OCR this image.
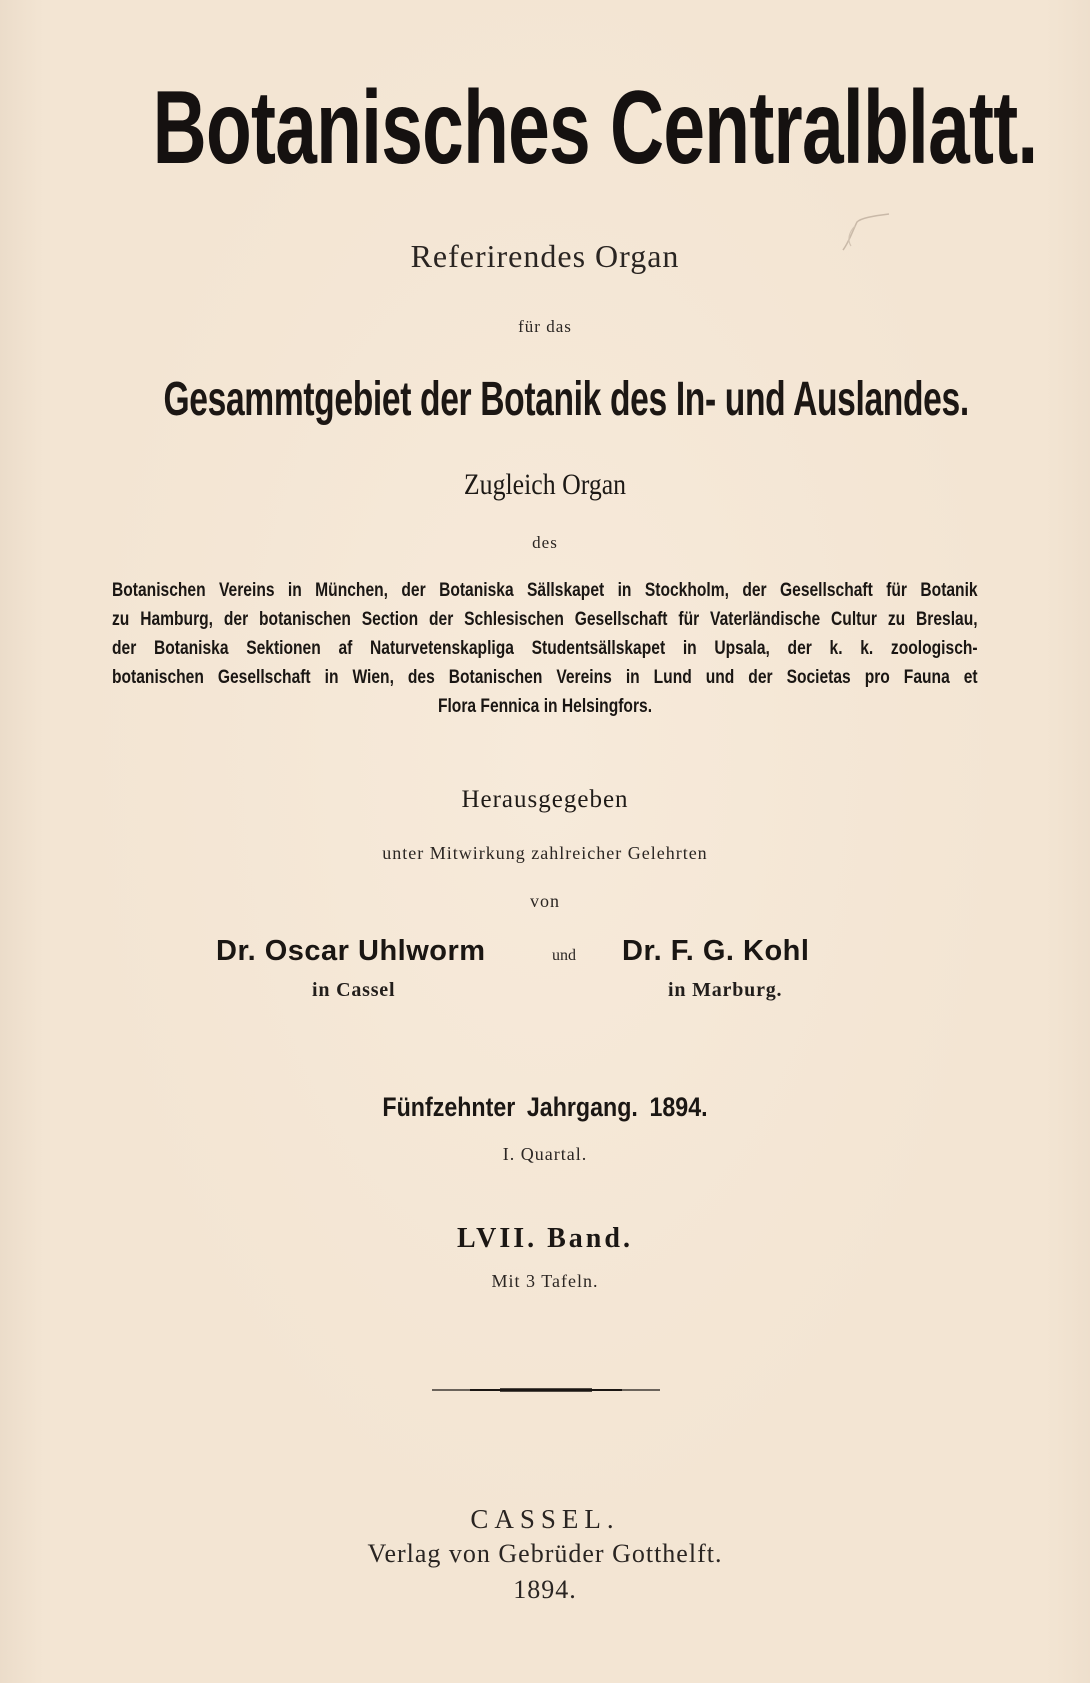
Botanisches Centralblatt.
Referirendes Organ
für das
Gesammtgebiet der Botanik des In- und Auslandes.
Zugleich Organ
des
Botanischen Vereins in München, der Botaniska Sällskapet in Stockholm, der Gesellschaft für Botanik
zu Hamburg, der botanischen Section der Schlesischen Gesellschaft für Vaterländische Cultur zu Breslau,
der Botaniska Sektionen af Naturvetenskapliga Studentsällskapet in Upsala, der k. k. zoologisch-
botanischen Gesellschaft in Wien, des Botanischen Vereins in Lund und der Societas pro Fauna et
Flora Fennica in Helsingfors.
Herausgegeben
unter Mitwirkung zahlreicher Gelehrten
von
Dr. Oscar Uhlworm
in Cassel
und Dr. F. G. Kohl
in Marburg.
Fünfzehnter Jahrgang. 1894.
I. Quartal.
LVII. Band.
Mit 3 Tafeln.
CASSEL.
Verlag von Gebrüder Gotthelft.
1894.
